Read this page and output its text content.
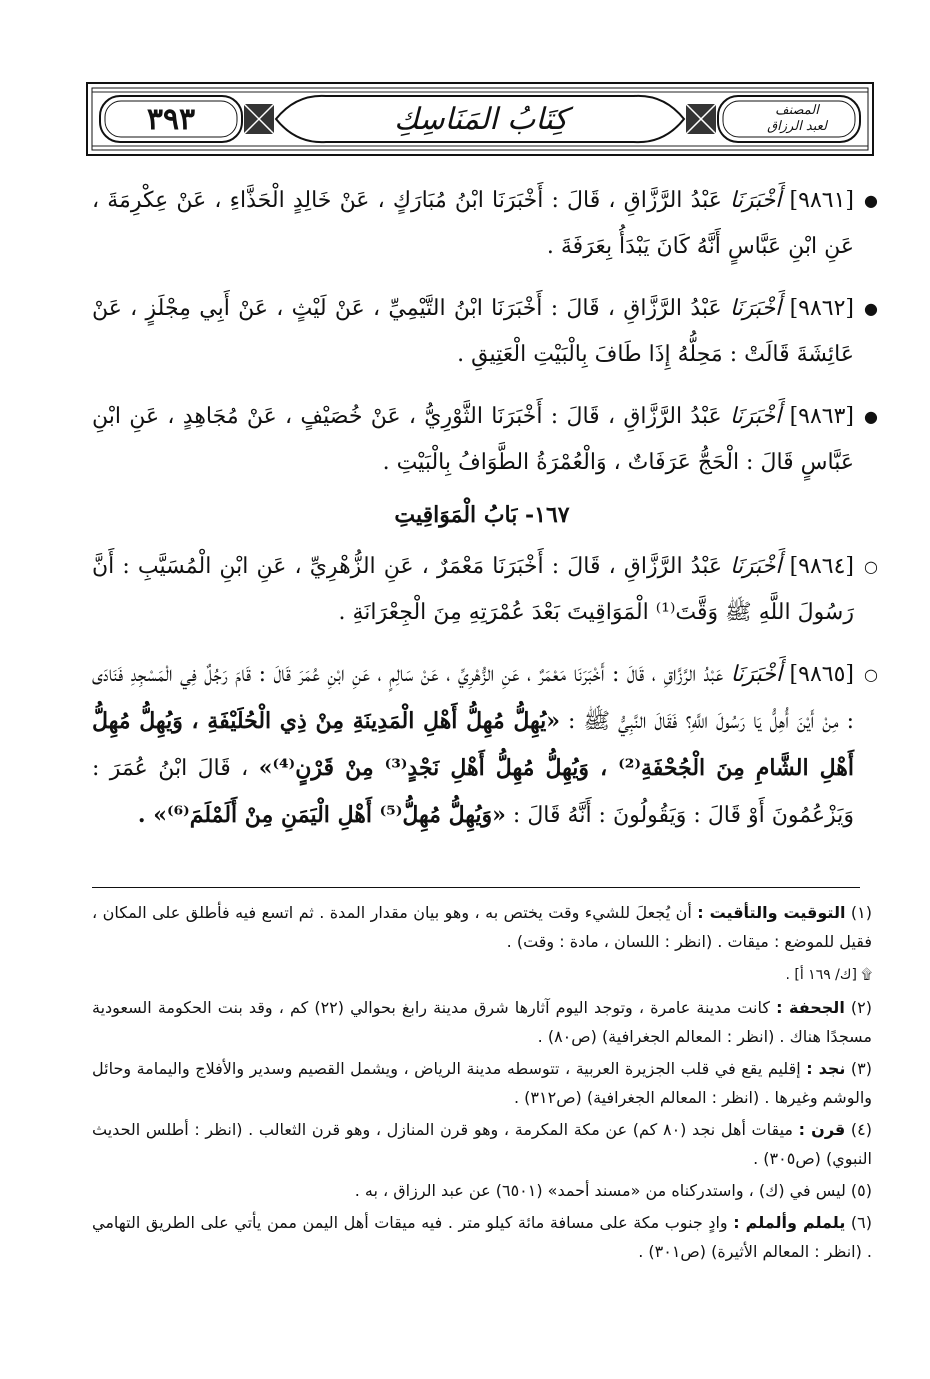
٣٩٣	كِتَابُ المَنَاسِكِ	المصنف
لعبد الرزاق

●
[٩٨٦١] أَخْبَرَنَا عَبْدُ الرَّزَّاقِ ، قَالَ : أَخْبَرَنَا ابْنُ مُبَارَكٍ ، عَنْ خَالِدٍ الْحَذَّاءِ ، عَنْ عِكْرِمَةَ ، عَنِ ابْنِ عَبَّاسٍ أَنَّهُ كَانَ يَبْدَأُ بِعَرَفَةَ .

●
[٩٨٦٢] أَخْبَرَنَا عَبْدُ الرَّزَّاقِ ، قَالَ : أَخْبَرَنَا ابْنُ التَّيْمِيِّ ، عَنْ لَيْثٍ ، عَنْ أَبِي مِجْلَزٍ ، عَنْ عَائِشَةَ قَالَتْ : مَحِلُّهُ إِذَا طَافَ بِالْبَيْتِ الْعَتِيقِ .

●
[٩٨٦٣] أَخْبَرَنَا عَبْدُ الرَّزَّاقِ ، قَالَ : أَخْبَرَنَا الثَّوْرِيُّ ، عَنْ خُصَيْفٍ ، عَنْ مُجَاهِدٍ ، عَنِ ابْنِ عَبَّاسٍ قَالَ : الْحَجُّ عَرَفَاتٌ ، وَالْعُمْرَةُ الطَّوَافُ بِالْبَيْتِ .

١٦٧- بَابُ الْمَوَاقِيتِ

○
[٩٨٦٤] أَخْبَرَنَا عَبْدُ الرَّزَّاقِ ، قَالَ : أَخْبَرَنَا مَعْمَرٌ ، عَنِ الزُّهْرِيِّ ، عَنِ ابْنِ الْمُسَيَّبِ : أَنَّ رَسُولَ اللَّهِ ﷺ وَقَّتَ⁽¹⁾ الْمَوَاقِيتَ بَعْدَ عُمْرَتِهِ مِنَ الْجِعْرَانَةِ .

○
[٩٨٦٥] أَخْبَرَنَا عَبْدُ الرَّزَّاقِ ، قَالَ : أَخْبَرَنَا مَعْمَرٌ ، عَنِ الزُّهْرِيِّ ، عَنْ سَالِمٍ ، عَنِ ابْنِ عُمَرَ قَالَ : قَامَ رَجُلٌ فِي الْمَسْجِدِ فَنَادَى : مِنْ أَيْنَ أُهِلُّ يَا رَسُولَ اللَّهِ؟ فَقَالَ النَّبِيُّ ﷺ : «يُهِلُّ مُهِلُّ أَهْلِ الْمَدِينَةِ مِنْ ذِي الْحُلَيْفَةِ ، وَيُهِلُّ مُهِلُّ أَهْلِ الشَّامِ مِنَ الْجُحْفَةِ⁽²⁾ ، وَيُهِلُّ مُهِلُّ أَهْلِ نَجْدٍ⁽³⁾ مِنْ قَرْنٍ⁽⁴⁾» ، قَالَ ابْنُ عُمَرَ : وَيَزْعُمُونَ أَوْ قَالَ : وَيَقُولُونَ : أَنَّهُ قَالَ : «وَيُهِلُّ مُهِلُّ⁽⁵⁾ أَهْلِ الْيَمَنِ مِنْ أَلَمْلَمَ⁽⁶⁾» .

(١) التوقيت والتأقيت : أن يُجعلَ للشيء وقت يختص به ، وهو بيان مقدار المدة . ثم اتسع فيه فأطلق على المكان ، فقيل للموضع : ميقات . (انظر : اللسان ، مادة : وقت) .

۩ [ك/ ١٦٩ أ] .

(٢) الجحفة : كانت مدينة عامرة ، وتوجد اليوم آثارها شرق مدينة رابغ بحوالي (٢٢) كم ، وقد بنت الحكومة السعودية مسجدًا هناك . (انظر : المعالم الجغرافية) (ص٨٠) .

(٣) نجد : إقليم يقع في قلب الجزيرة العربية ، تتوسطه مدينة الرياض ، ويشمل القصيم وسدير والأفلاج واليمامة وحائل والوشم وغيرها . (انظر : المعالم الجغرافية) (ص٣١٢) .

(٤) قرن : ميقات أهل نجد (٨٠ كم) عن مكة المكرمة ، وهو قرن المنازل ، وهو قرن الثعالب . (انظر : أطلس الحديث النبوي) (ص٣٠٥) .

(٥) ليس في (ك) ، واستدركناه من «مسند أحمد» (٦٥٠١) عن عبد الرزاق ، به .

(٦) يلملم وألملم : وادٍ جنوب مكة على مسافة مائة كيلو متر . فيه ميقات أهل اليمن ممن يأتي على الطريق التهامي . (انظر : المعالم الأثيرة) (ص٣٠١) .
